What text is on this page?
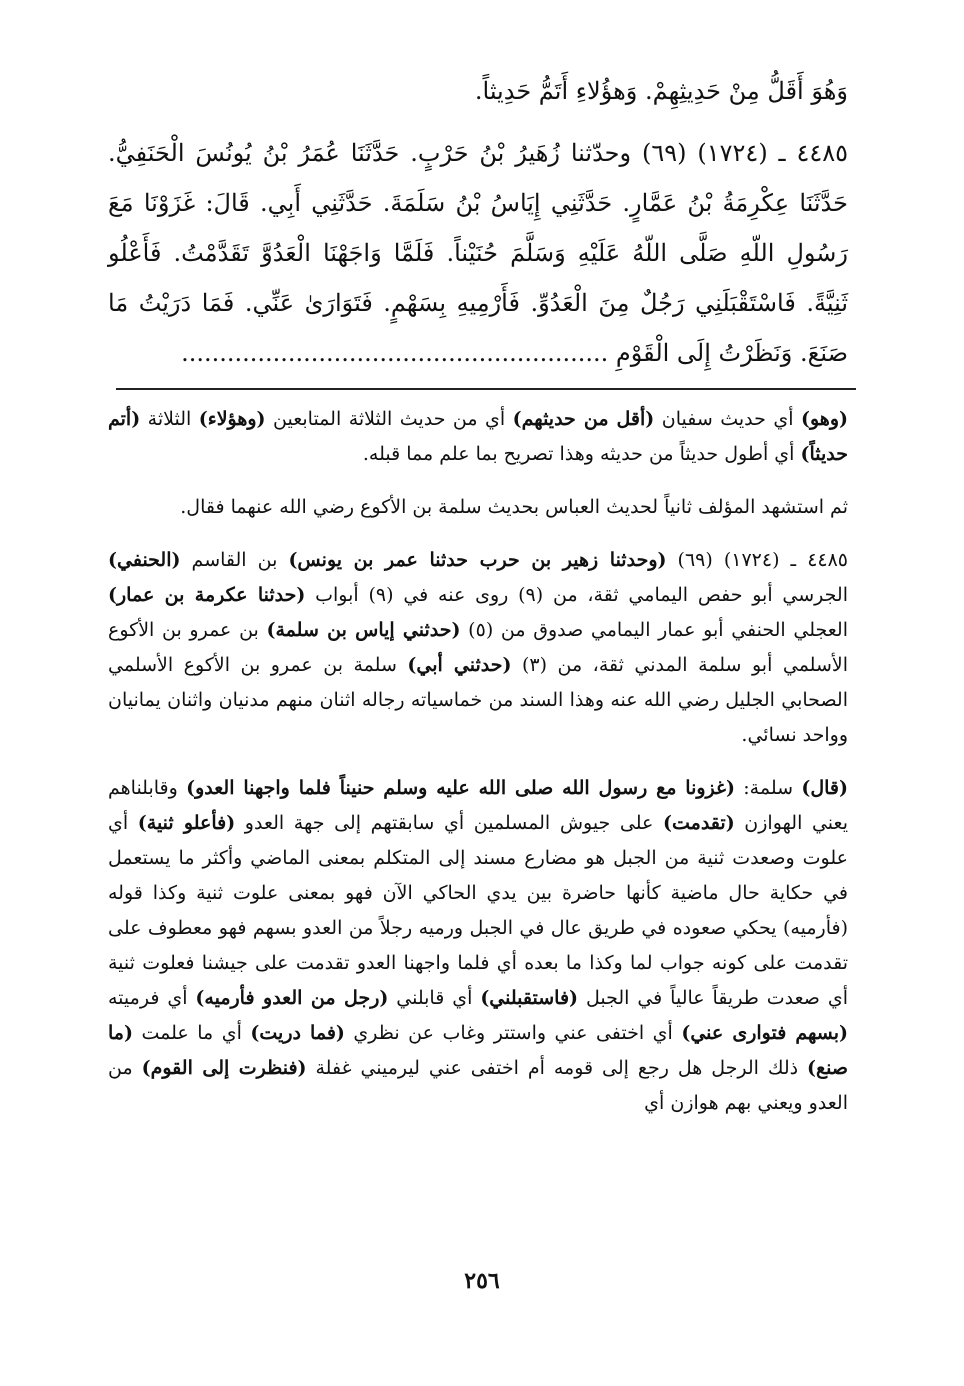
وَهُوَ أَقَلُّ مِنْ حَدِيثِهِمْ. وَهؤُلاءِ أَتَمُّ حَدِيثاً.

٤٤٨٥ ـ (١٧٢٤) (٦٩) وحدّثنا زُهَيرُ بْنُ حَرْبٍ. حَدَّثَنَا عُمَرُ بْنُ يُونُسَ الْحَنَفِيُّ. حَدَّثَنَا عِكْرِمَةُ بْنُ عَمَّارٍ. حَدَّثَنِي إِيَاسُ بْنُ سَلَمَةَ. حَدَّثَنِي أَبِي. قَالَ: غَزَوْنَا مَعَ رَسُولِ اللّهِ صَلَّى اللّهُ عَلَيْهِ وَسَلَّمَ حُنَيْناً. فَلَمَّا وَاجَهْنَا الْعَدُوَّ تَقَدَّمْتُ. فَأَعْلُو ثَنِيَّةً. فَاسْتَقْبَلَنِي رَجُلٌ مِنَ الْعَدُوِّ. فَأَرْمِيهِ بِسَهْمٍ. فَتَوَارَىٰ عَنِّي. فَمَا دَرَيْتُ مَا صَنَعَ. وَنَظَرْتُ إِلَى الْقَوْمِ ........................................................

(وهو) أي حديث سفيان (أقل من حديثهم) أي من حديث الثلاثة المتابعين (وهؤلاء) الثلاثة (أتم حديثاً) أي أطول حديثاً من حديثه وهذا تصريح بما علم مما قبله.

ثم استشهد المؤلف ثانياً لحديث العباس بحديث سلمة بن الأكوع رضي الله عنهما فقال.

٤٤٨٥ ـ (١٧٢٤) (٦٩) (وحدثنا زهير بن حرب حدثنا عمر بن يونس) بن القاسم (الحنفي) الجرسي أبو حفص اليمامي ثقة، من (٩) روى عنه في (٩) أبواب (حدثنا عكرمة بن عمار) العجلي الحنفي أبو عمار اليمامي صدوق من (٥) (حدثني إياس بن سلمة) بن عمرو بن الأكوع الأسلمي أبو سلمة المدني ثقة، من (٣) (حدثني أبي) سلمة بن عمرو بن الأكوع الأسلمي الصحابي الجليل رضي الله عنه وهذا السند من خماسياته رجاله اثنان منهم مدنيان واثنان يمانيان وواحد نسائي.

(قال) سلمة: (غزونا مع رسول الله صلى الله عليه وسلم حنيناً فلما واجهنا العدو) وقابلناهم يعني الهوازن (تقدمت) على جيوش المسلمين أي سابقتهم إلى جهة العدو (فأعلو ثنية) أي علوت وصعدت ثنية من الجبل هو مضارع مسند إلى المتكلم بمعنى الماضي وأكثر ما يستعمل في حكاية حال ماضية كأنها حاضرة بين يدي الحاكي الآن فهو بمعنى علوت ثنية وكذا قوله (فأرميه) يحكي صعوده في طريق عال في الجبل ورميه رجلاً من العدو بسهم فهو معطوف على تقدمت على كونه جواب لما وكذا ما بعده أي فلما واجهنا العدو تقدمت على جيشنا فعلوت ثنية أي صعدت طريقاً عالياً في الجبل (فاستقبلني) أي قابلني (رجل من العدو فأرميه) أي فرميته (بسهم فتوارى عني) أي اختفى عني واستتر وغاب عن نظري (فما دريت) أي ما علمت (ما صنع) ذلك الرجل هل رجع إلى قومه أم اختفى عني ليرميني غفلة (فنظرت إلى القوم) من العدو ويعني بهم هوازن أي

٢٥٦
